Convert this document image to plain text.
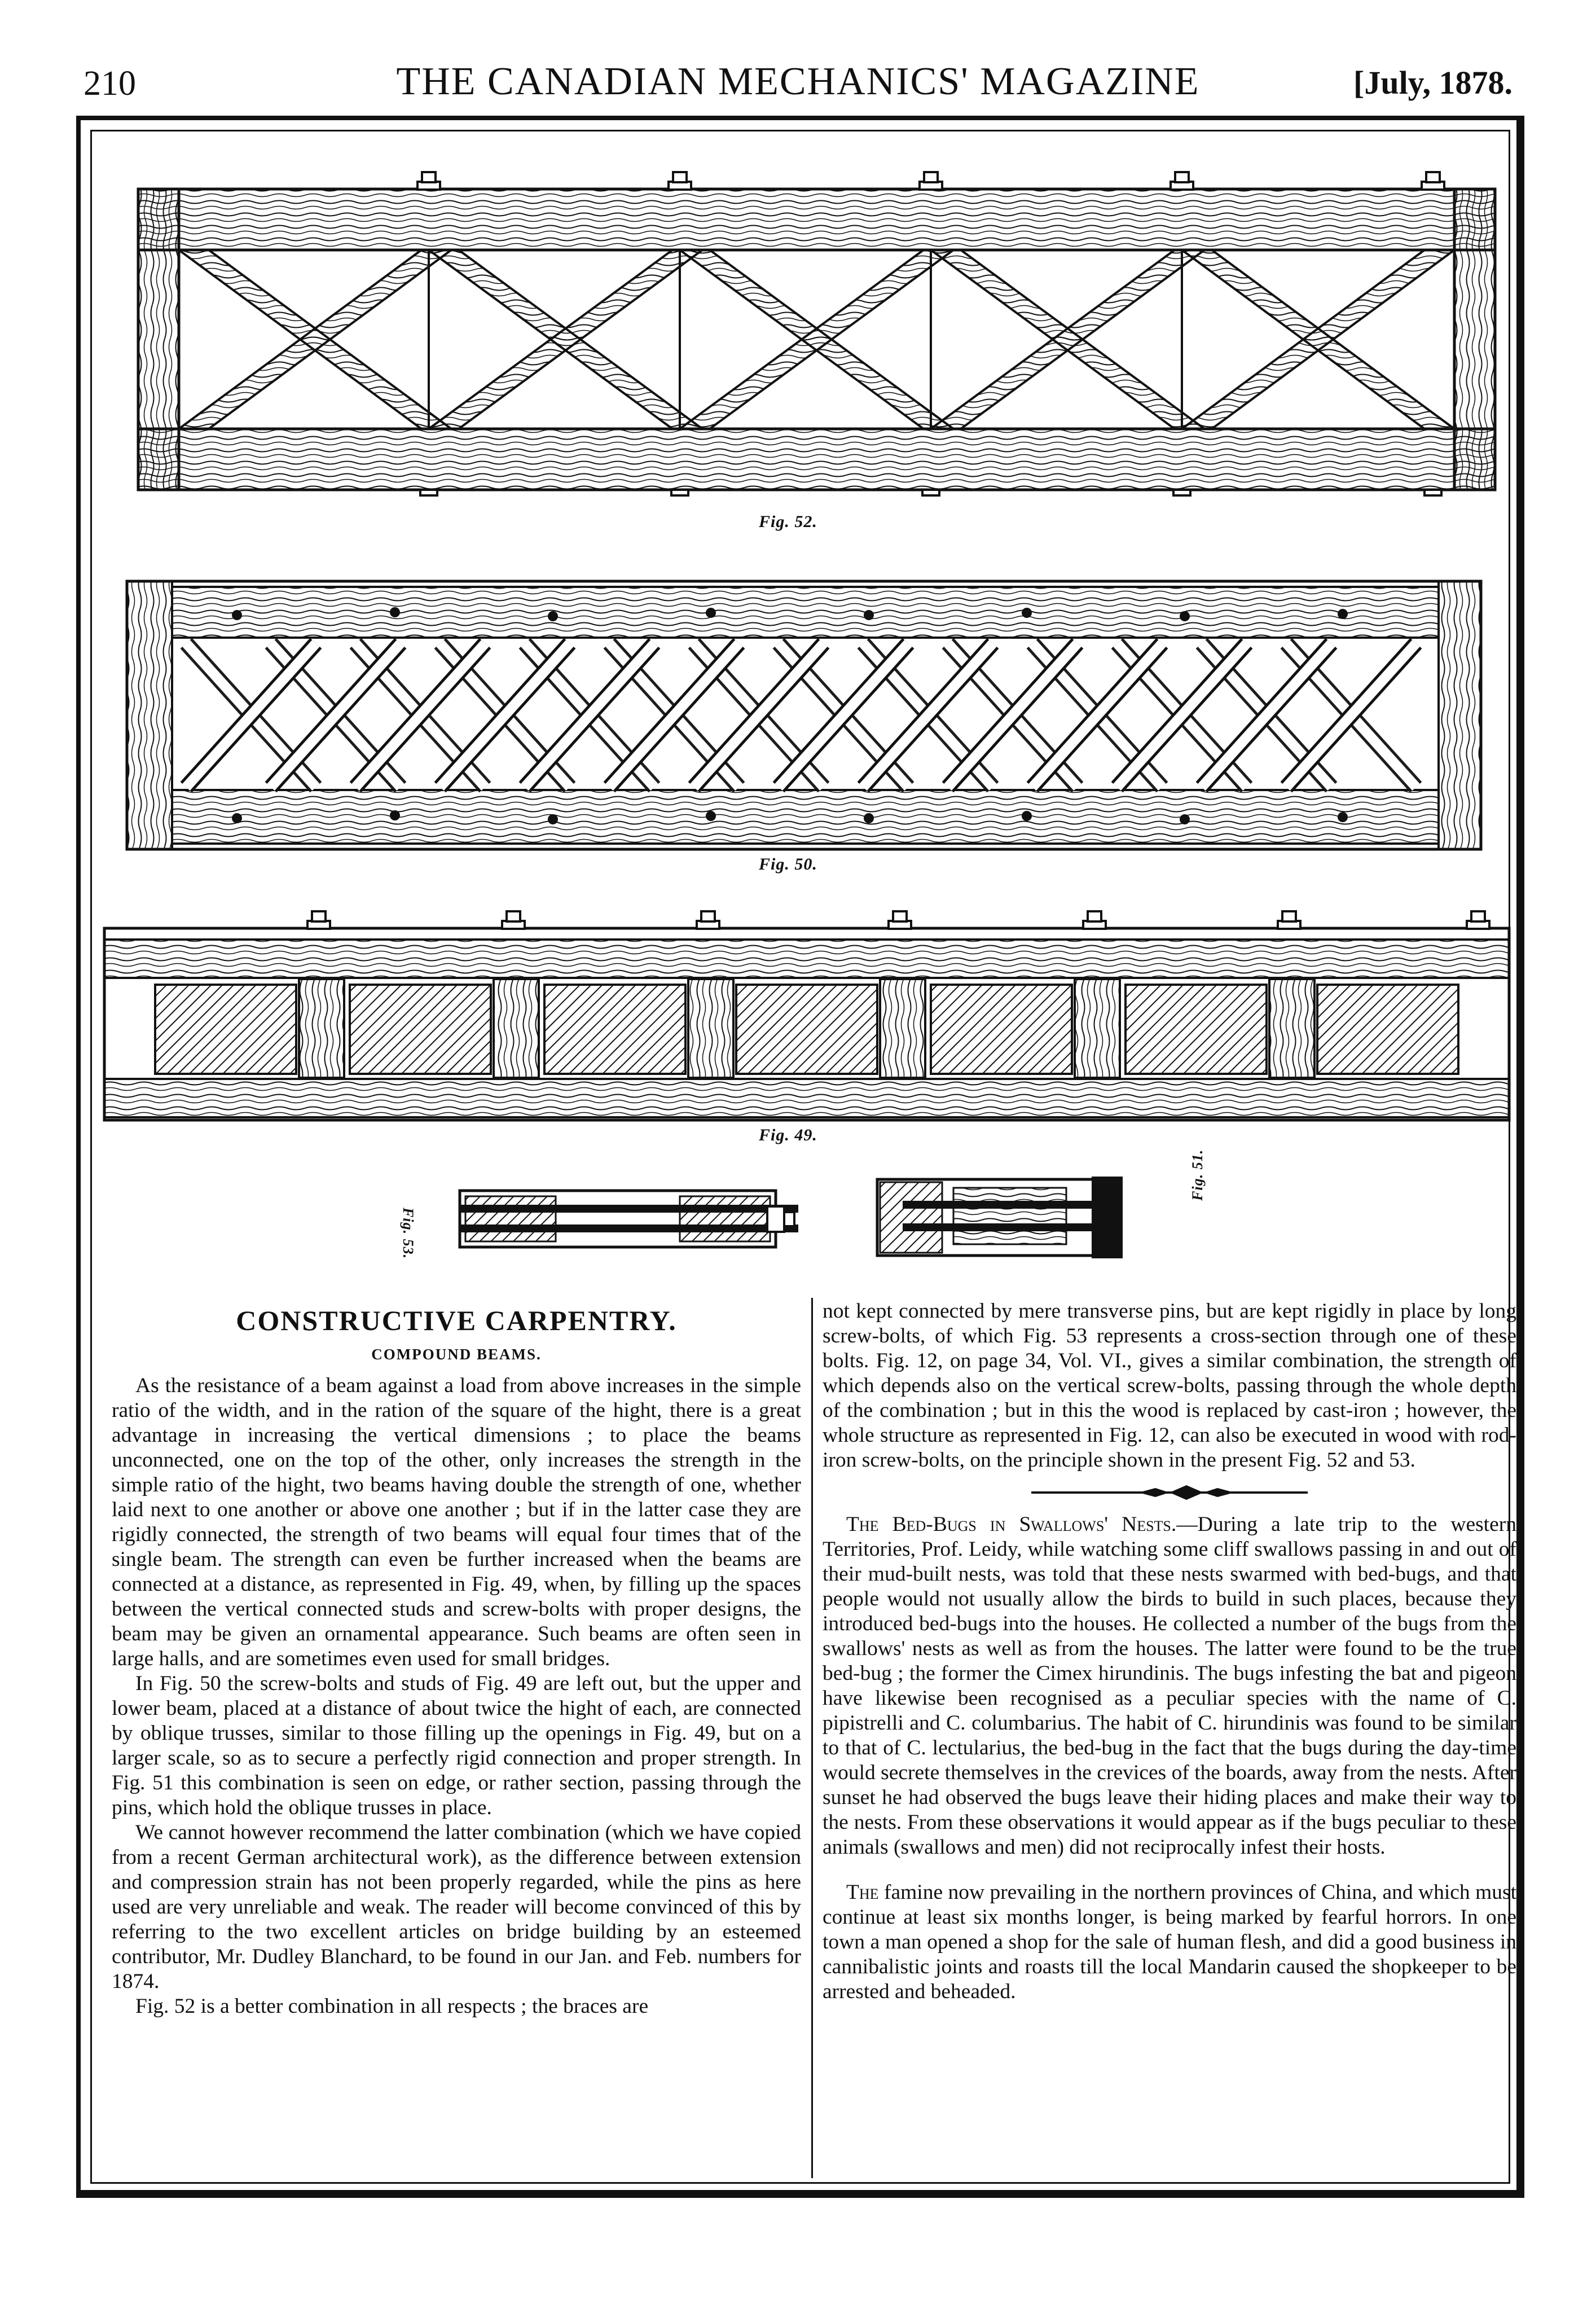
210	THE CANADIAN MECHANICS' MAGAZINE	[July, 1878.
Fig. 52.
Fig. 50.
Fig. 49.
Fig. 53.
Fig. 51.
CONSTRUCTIVE CARPENTRY.
COMPOUND BEAMS.

As the resistance of a beam against a load from above increases in the simple ratio of the width, and in the ration of the square of the hight, there is a great advantage in increasing the vertical dimensions ; to place the beams unconnected, one on the top of the other, only increases the strength in the simple ratio of the hight, two beams having double the strength of one, whether laid next to one another or above one another ; but if in the latter case they are rigidly connected, the strength of two beams will equal four times that of the single beam. The strength can even be further increased when the beams are connected at a distance, as represented in Fig. 49, when, by filling up the spaces between the vertical connected studs and screw-bolts with proper designs, the beam may be given an ornamental appearance. Such beams are often seen in large halls, and are sometimes even used for small bridges.

In Fig. 50 the screw-bolts and studs of Fig. 49 are left out, but the upper and lower beam, placed at a distance of about twice the hight of each, are connected by oblique trusses, similar to those filling up the openings in Fig. 49, but on a larger scale, so as to secure a perfectly rigid connection and proper strength. In Fig. 51 this combination is seen on edge, or rather section, passing through the pins, which hold the oblique trusses in place.

We cannot however recommend the latter combination (which we have copied from a recent German architectural work), as the difference between extension and compression strain has not been properly regarded, while the pins as here used are very unreliable and weak. The reader will become convinced of this by referring to the two excellent articles on bridge building by an esteemed contributor, Mr. Dudley Blanchard, to be found in our Jan. and Feb. numbers for 1874.

Fig. 52 is a better combination in all respects ; the braces are

not kept connected by mere transverse pins, but are kept rigidly in place by long screw-bolts, of which Fig. 53 represents a cross-section through one of these bolts. Fig. 12, on page 34, Vol. VI., gives a similar combination, the strength of which depends also on the vertical screw-bolts, passing through the whole depth of the combination ; but in this the wood is replaced by cast-iron ; however, the whole structure as represented in Fig. 12, can also be executed in wood with rod-iron screw-bolts, on the principle shown in the present Fig. 52 and 53.

The Bed-Bugs in Swallows' Nests.—During a late trip to the western Territories, Prof. Leidy, while watching some cliff swallows passing in and out of their mud-built nests, was told that these nests swarmed with bed-bugs, and that people would not usually allow the birds to build in such places, because they introduced bed-bugs into the houses. He collected a number of the bugs from the swallows' nests as well as from the houses. The latter were found to be the true bed-bug ; the former the Cimex hirundinis. The bugs infesting the bat and pigeon have likewise been recognised as a peculiar species with the name of C. pipistrelli and C. columbarius. The habit of C. hirundinis was found to be similar to that of C. lectularius, the bed-bug in the fact that the bugs during the day-time would secrete themselves in the crevices of the boards, away from the nests. After sunset he had observed the bugs leave their hiding places and make their way to the nests. From these observations it would appear as if the bugs peculiar to these animals (swallows and men) did not reciprocally infest their hosts.

The famine now prevailing in the northern provinces of China, and which must continue at least six months longer, is being marked by fearful horrors. In one town a man opened a shop for the sale of human flesh, and did a good business in cannibalistic joints and roasts till the local Mandarin caused the shopkeeper to be arrested and beheaded.
